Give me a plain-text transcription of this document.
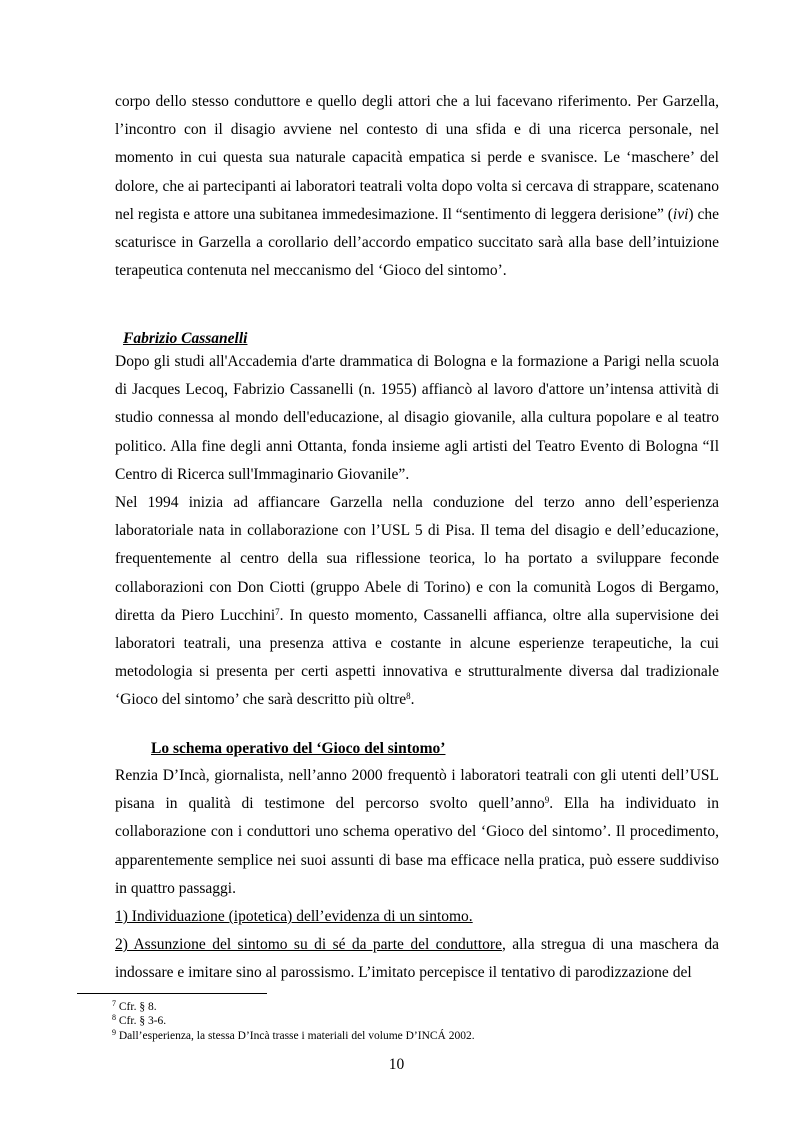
corpo dello stesso conduttore e quello degli attori che a lui facevano riferimento. Per Garzella, l’incontro con il disagio avviene nel contesto di una sfida e di una ricerca personale, nel momento in cui questa sua naturale capacità empatica si perde e svanisce. Le ‘maschere’ del dolore, che ai partecipanti ai laboratori teatrali volta dopo volta si cercava di strappare, scatenano nel regista e attore una subitanea immedesimazione. Il “sentimento di leggera derisione” (ivi) che scaturisce in Garzella a corollario dell’accordo empatico succitato sarà alla base dell’intuizione terapeutica contenuta nel meccanismo del ‘Gioco del sintomo’.

Fabrizio Cassanelli

Dopo gli studi all'Accademia d'arte drammatica di Bologna e la formazione a Parigi nella scuola di Jacques Lecoq, Fabrizio Cassanelli (n. 1955) affiancò al lavoro d'attore un’intensa attività di studio connessa al mondo dell'educazione, al disagio giovanile, alla cultura popolare e al teatro politico. Alla fine degli anni Ottanta, fonda insieme agli artisti del Teatro Evento di Bologna “Il Centro di Ricerca sull'Immaginario Giovanile”.

Nel 1994 inizia ad affiancare Garzella nella conduzione del terzo anno dell’esperienza laboratoriale nata in collaborazione con l’USL 5 di Pisa. Il tema del disagio e dell’educazione, frequentemente al centro della sua riflessione teorica, lo ha portato a sviluppare feconde collaborazioni con Don Ciotti (gruppo Abele di Torino) e con la comunità Logos di Bergamo, diretta da Piero Lucchini$^7$. In questo momento, Cassanelli affianca, oltre alla supervisione dei laboratori teatrali, una presenza attiva e costante in alcune esperienze terapeutiche, la cui metodologia si presenta per certi aspetti innovativa e strutturalmente diversa dal tradizionale ‘Gioco del sintomo’ che sarà descritto più oltre$^8$.

Lo schema operativo del ‘Gioco del sintomo’

Renzia D’Incà, giornalista, nell’anno 2000 frequentò i laboratori teatrali con gli utenti dell’USL pisana in qualità di testimone del percorso svolto quell’anno$^9$. Ella ha individuato in collaborazione con i conduttori uno schema operativo del ‘Gioco del sintomo’. Il procedimento, apparentemente semplice nei suoi assunti di base ma efficace nella pratica, può essere suddiviso in quattro passaggi.

1) Individuazione (ipotetica) dell’evidenza di un sintomo.

2) Assunzione del sintomo su di sé da parte del conduttore, alla stregua di una maschera da indossare e imitare sino al parossismo. L’imitato percepisce il tentativo di parodizzazione del

$^7$ Cfr. § 8.

$^8$ Cfr. § 3-6.

$^9$ Dall’esperienza, la stessa D’Incà trasse i materiali del volume D’INCÁ 2002.

10
